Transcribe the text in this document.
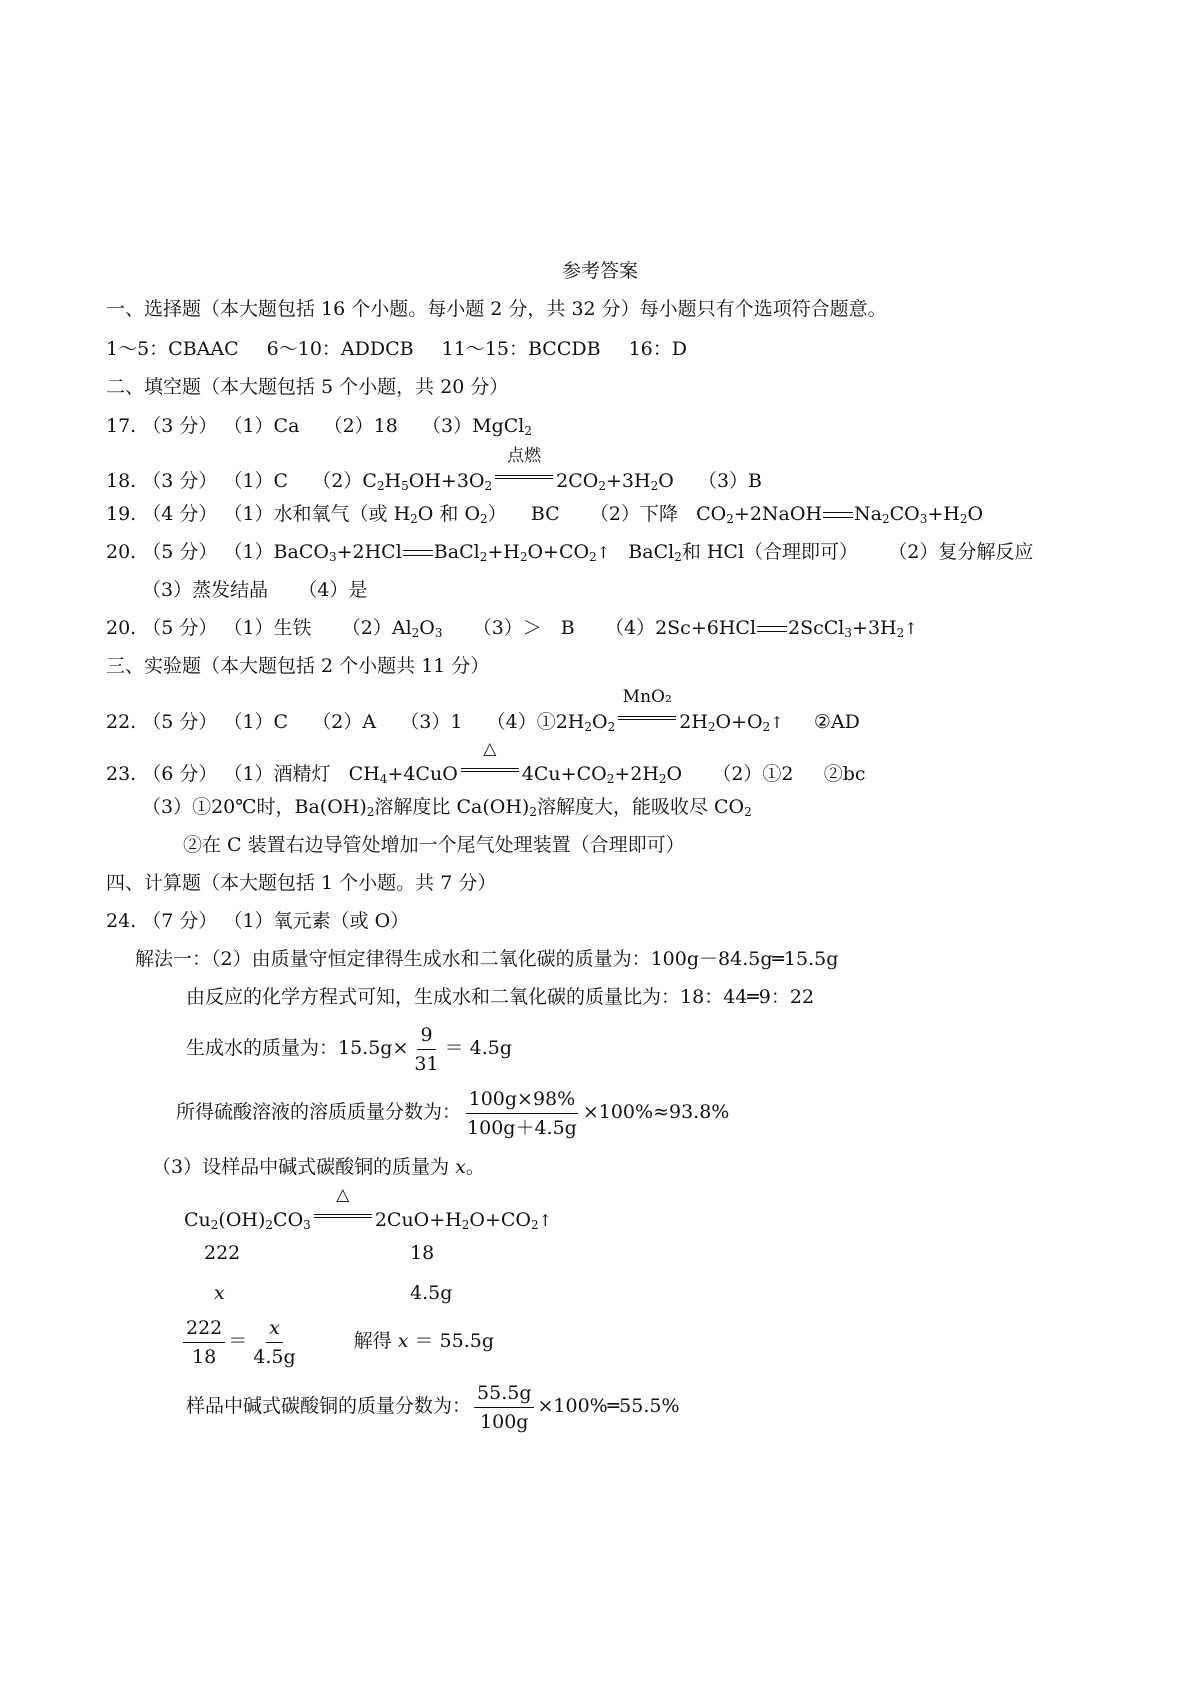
参考答案
一、选择题（本大题包括 16 个小题。每小题 2 分，共 32 分）每小题只有个选项符合题意。
1～5：CBAAC 6～10：ADDCB 11～15：BCCDB 16：D
二、填空题（本大题包括 5 个小题，共 20 分）
17. （3 分） （1）Ca （2）18 （3）MgCl$_2$
18. （3 分） （1）C $(2)C_2H_5OH+3O_2$
点燃
$2CO_2+3H_2O$ （3）B
19. （4 分） （1）水和氧气（或 $H_2O$ 和 $O_2$） BC （2）下降 $CO_2+2NaOH$ $Na_2CO_3+H_2O$
20. （5 分） （1）BaCO$_3$+2HCl $BaCl_2+H_2O+CO_2↑$ BaCl$_2$和 HCl（合理即可） （2）复分解反应
（3）蒸发结晶 （4）是
20. （5 分） （1）生铁 $(2)Al_2O_3$ （3）＞　B （4）2Sc+6HCl $2ScCl_3+3H_2↑$
三、实验题（本大题包括 2 个小题共 11 分）
22. （5 分） （1）C （2）A （3）1 $(4)①2H_2O_2$
MnO₂
$2H_2O+O_2↑$ ②AD
23. （6 分） （1）酒精灯 $CH_4+4CuO$
△
$4Cu+CO_2+2H_2O$ （2）①2 ②bc
（3）①20℃时，$Ba(OH)_2$溶解度比 $Ca(OH)_2$溶解度大，能吸收尽 $CO_2$
②在 C 装置右边导管处增加一个尾气处理装置（合理即可）
四、计算题（本大题包括 1 个小题。共 7 分）
24. （7 分） （1）氧元素（或 O）
解法一：（2）由质量守恒定律得生成水和二氧化碳的质量为：100g－84.5g═15.5g
由反应的化学方程式可知，生成水和二氧化碳的质量比为：18：44═9：22
生成水的质量为：$15.5g\times \frac{9}{31} = 4.5g$
所得硫酸溶液的溶质质量分数为： $\frac{100g\times 98\%}{100g+4.5g} \times 100\%\approx 93.8\%$
（3）设样品中碱式碳酸铜的质量为 x。
$Cu_2(OH)_2CO_3$
△
$2CuO+H_2O+CO_2↑$
222	18
x	4.5g
$\frac{222}{18} = \frac{x}{4.5g}$	解得 x ＝ 55.5g
样品中碱式碳酸铜的质量分数为： $\frac{55.5g}{100g}$ ×100%═55.5%
